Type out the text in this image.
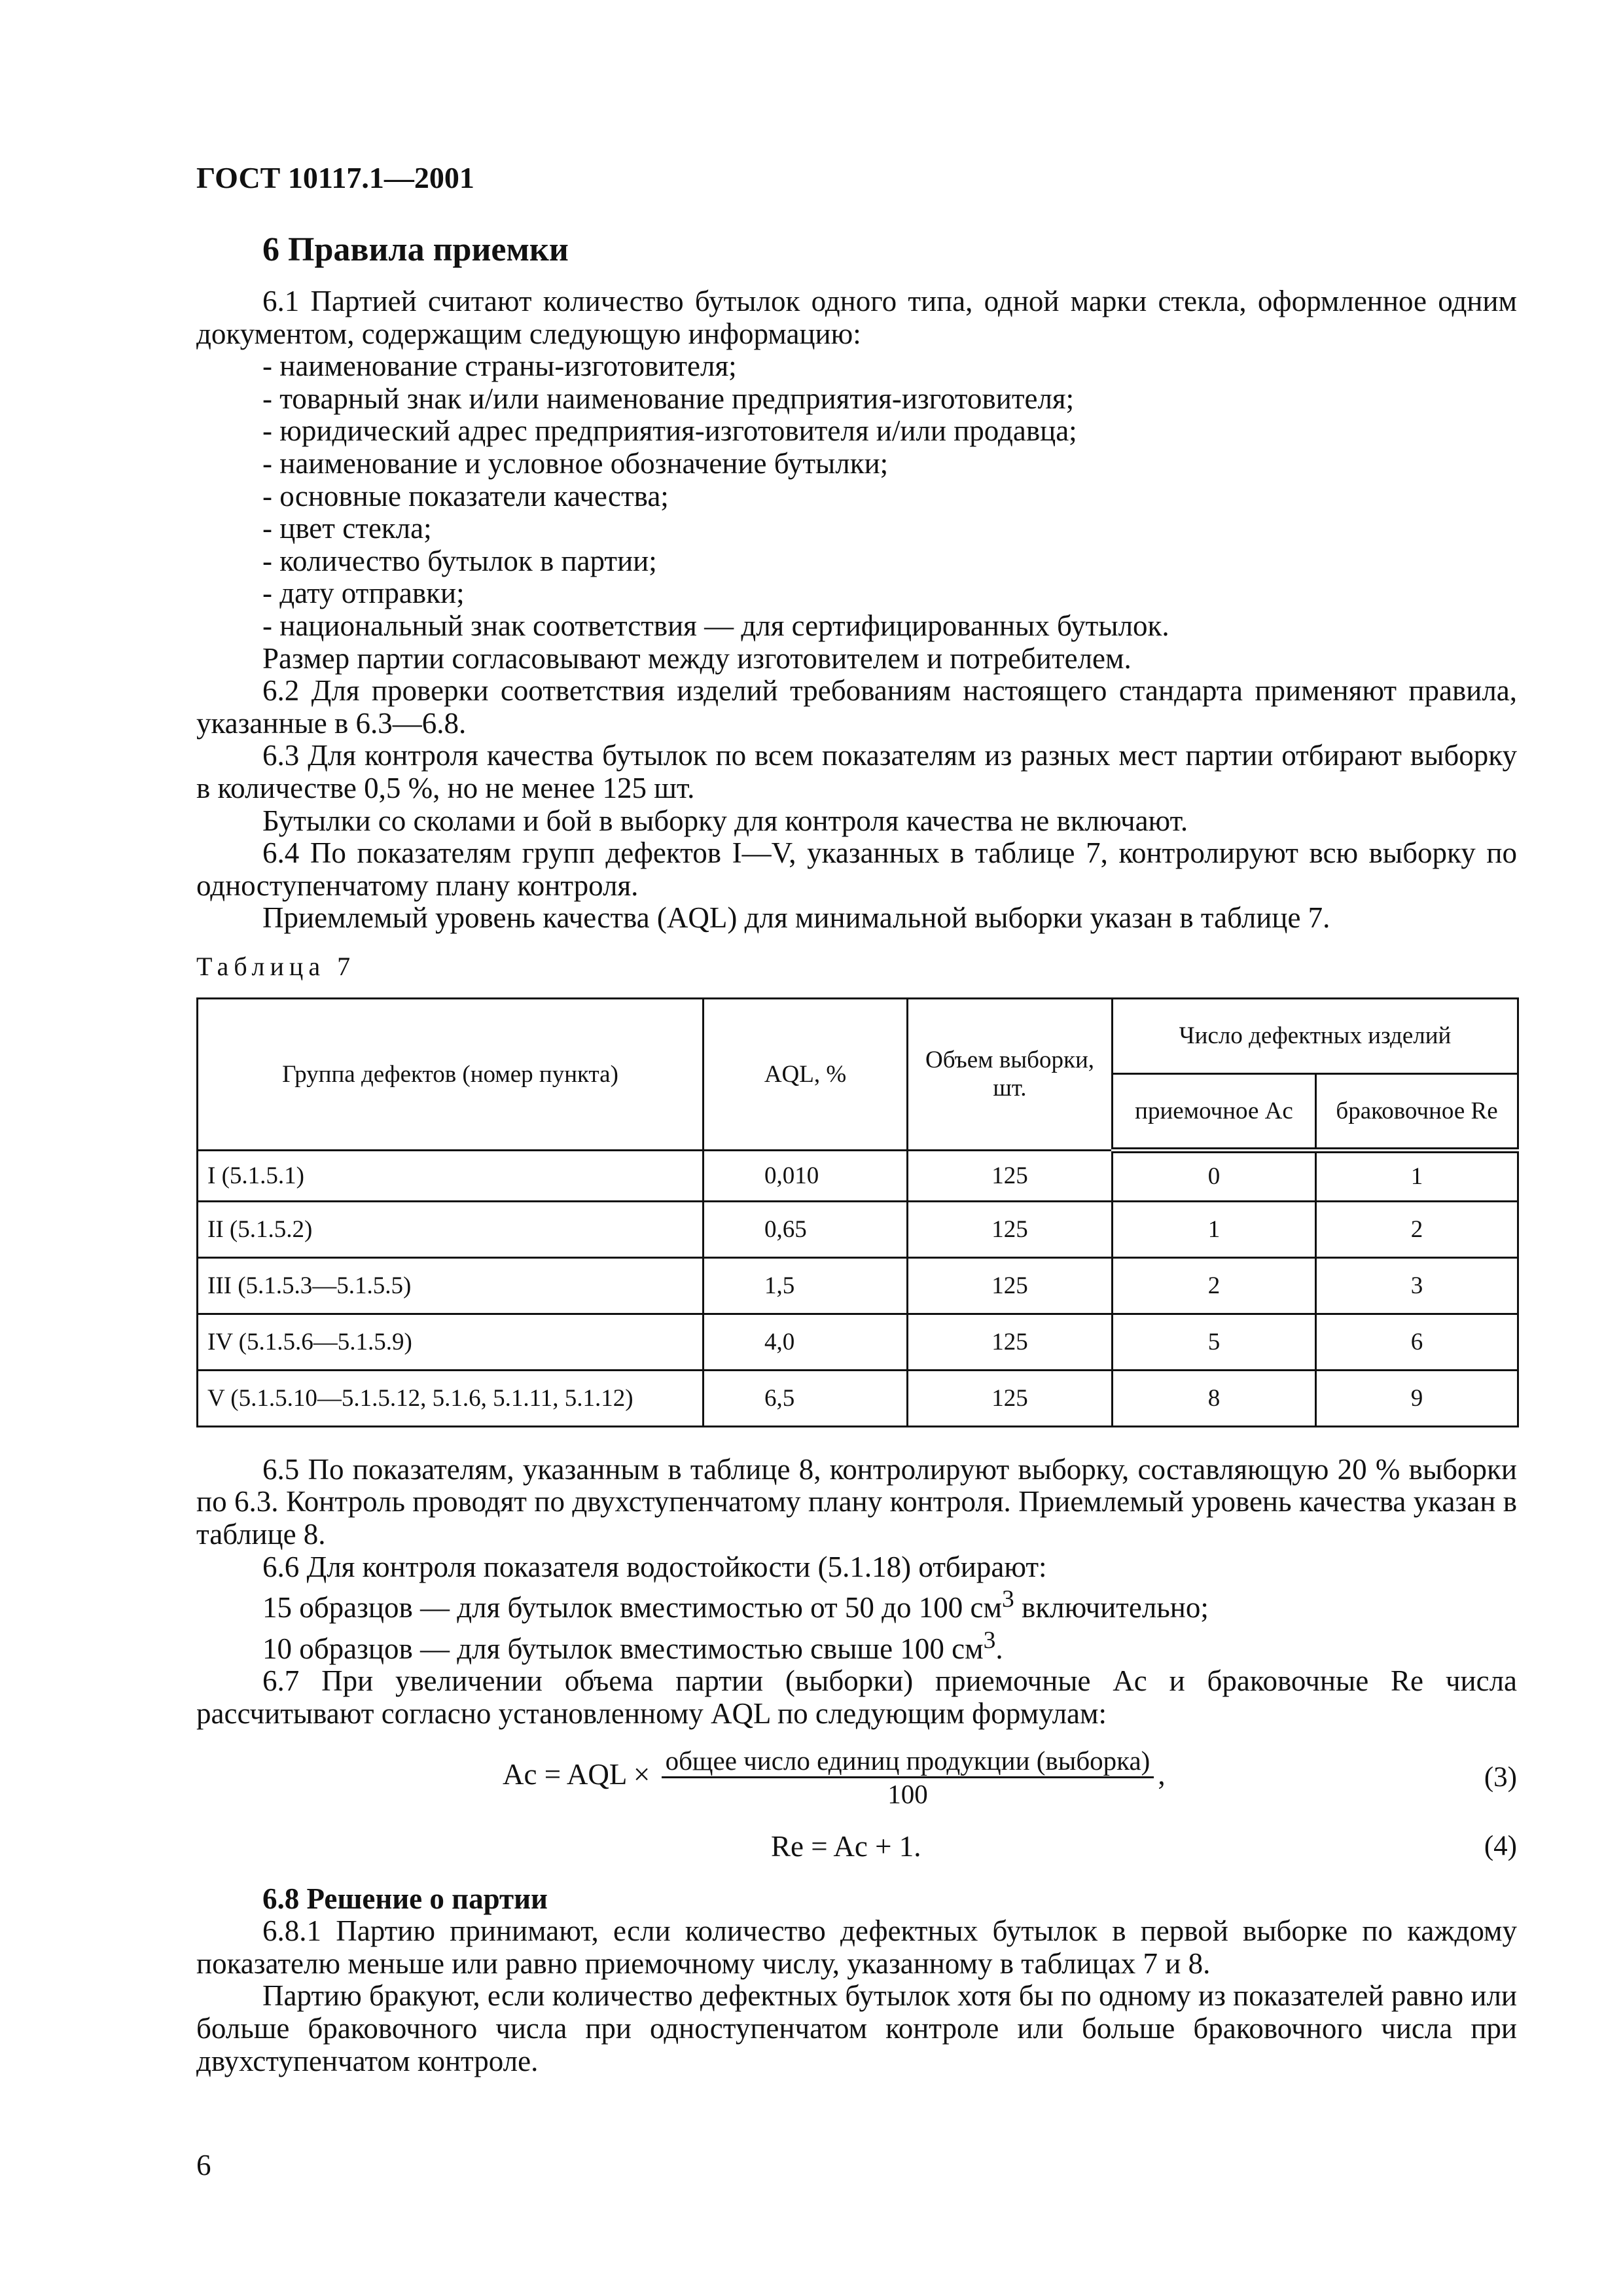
ГОСТ 10117.1—2001
6 Правила приемки

6.1 Партией считают количество бутылок одного типа, одной марки стекла, оформленное одним документом, содержащим следующую информацию:

- наименование страны-изготовителя;

- товарный знак и/или наименование предприятия-изготовителя;

- юридический адрес предприятия-изготовителя и/или продавца;

- наименование и условное обозначение бутылки;

- основные показатели качества;

- цвет стекла;

- количество бутылок в партии;

- дату отправки;

- национальный знак соответствия — для сертифицированных бутылок.

Размер партии согласовывают между изготовителем и потребителем.

6.2 Для проверки соответствия изделий требованиям настоящего стандарта применяют правила, указанные в 6.3—6.8.

6.3 Для контроля качества бутылок по всем показателям из разных мест партии отбирают выборку в количестве 0,5 %, но не менее 125 шт.

Бутылки со сколами и бой в выборку для контроля качества не включают.

6.4 По показателям групп дефектов I—V, указанных в таблице 7, контролируют всю выборку по одноступенчатому плану контроля.

Приемлемый уровень качества (AQL) для минимальной выборки указан в таблице 7.

Таблица 7
Группа дефектов (номер пункта)	AQL, %	Объем выборки, шт.	Число дефектных изделий	
			приемочное Ac	браковочное Re
I (5.1.5.1)	0,010	125	0	1
II (5.1.5.2)	0,65	125	1	2
III (5.1.5.3—5.1.5.5)	1,5	125	2	3
IV (5.1.5.6—5.1.5.9)	4,0	125	5	6
V (5.1.5.10—5.1.5.12, 5.1.6, 5.1.11, 5.1.12)	6,5	125	8	9

6.5 По показателям, указанным в таблице 8, контролируют выборку, составляющую 20 % выборки по 6.3. Контроль проводят по двухступенчатому плану контроля. Приемлемый уровень качества указан в таблице 8.

6.6 Для контроля показателя водостойкости (5.1.18) отбирают:

15 образцов — для бутылок вместимостью от 50 до 100 $см^3$ включительно;

10 образцов — для бутылок вместимостью свыше 100 $см^3$.

6.7 При увеличении объема партии (выборки) приемочные Ac и браковочные Re числа рассчитывают согласно установленному AQL по следующим формулам:

Ac = AQL × $\frac{\text{общее число единиц продукции (выборка)}}{100}$ ,	(3)
Re = Ac + 1.	(4)

6.8 Решение о партии

6.8.1 Партию принимают, если количество дефектных бутылок в первой выборке по каждому показателю меньше или равно приемочному числу, указанному в таблицах 7 и 8.

Партию бракуют, если количество дефектных бутылок хотя бы по одному из показателей равно или больше браковочного числа при одноступенчатом контроле или больше браковочного числа при двухступенчатом контроле.

6
